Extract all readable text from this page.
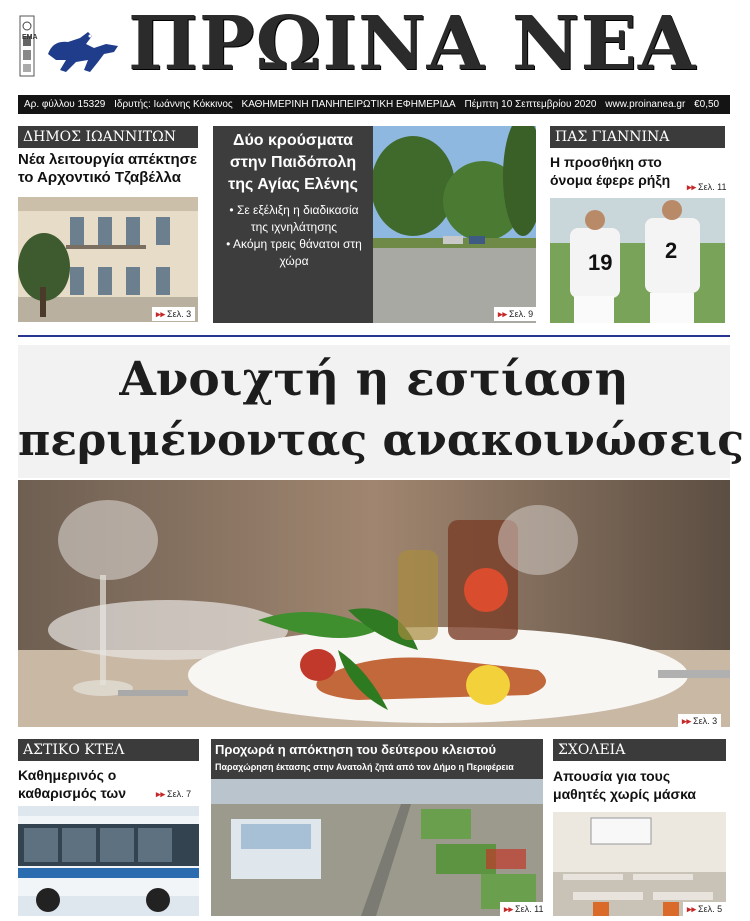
ΕΜΑ ΠΡΩΙΝΑ ΝΕΑ
Αρ. φύλλου 15329 Ιδρυτής: Ιωάννης Κόκκινος ΚΑΘΗΜΕΡΙΝΗ ΠΑΝΗΠΕΙΡΩΤΙΚΗ ΕΦΗΜΕΡΙΔΑ Πέμπτη 10 Σεπτεμβρίου 2020 www.proinanea.gr €0,50
ΔΗΜΟΣ ΙΩΑΝΝΙΤΩΝ
Νέα λειτουργία απέκτησε το Αρχοντικό Τζαβέλλα
▸▸ Σελ. 3
Δύο κρούσματα στην Παιδόπολη της Αγίας Ελένης
• Σε εξέλιξη η διαδικασία της ιχνηλάτησης
• Ακόμη τρεις θάνατοι στη χώρα
▸▸ Σελ. 9
ΠΑΣ ΓΙΑΝΝΙΝΑ
Η προσθήκη στο όνομα έφερε ρήξη
19 2
▸▸ Σελ. 11
Ανοιχτή η εστίαση
περιμένοντας ανακοινώσεις
▸▸ Σελ. 3
ΑΣΤΙΚΟ ΚΤΕΛ
Καθημερινός ο καθαρισμός των	▸▸ Σελ. 7
Προχωρά η απόκτηση του δεύτερου κλειστού
Παραχώρηση έκτασης στην Ανατολή ζητά από τον Δήμο η Περιφέρεια
▸▸ Σελ. 11
ΣΧΟΛΕΙΑ
Απουσία για τους μαθητές χωρίς μάσκα
▸▸ Σελ. 5
